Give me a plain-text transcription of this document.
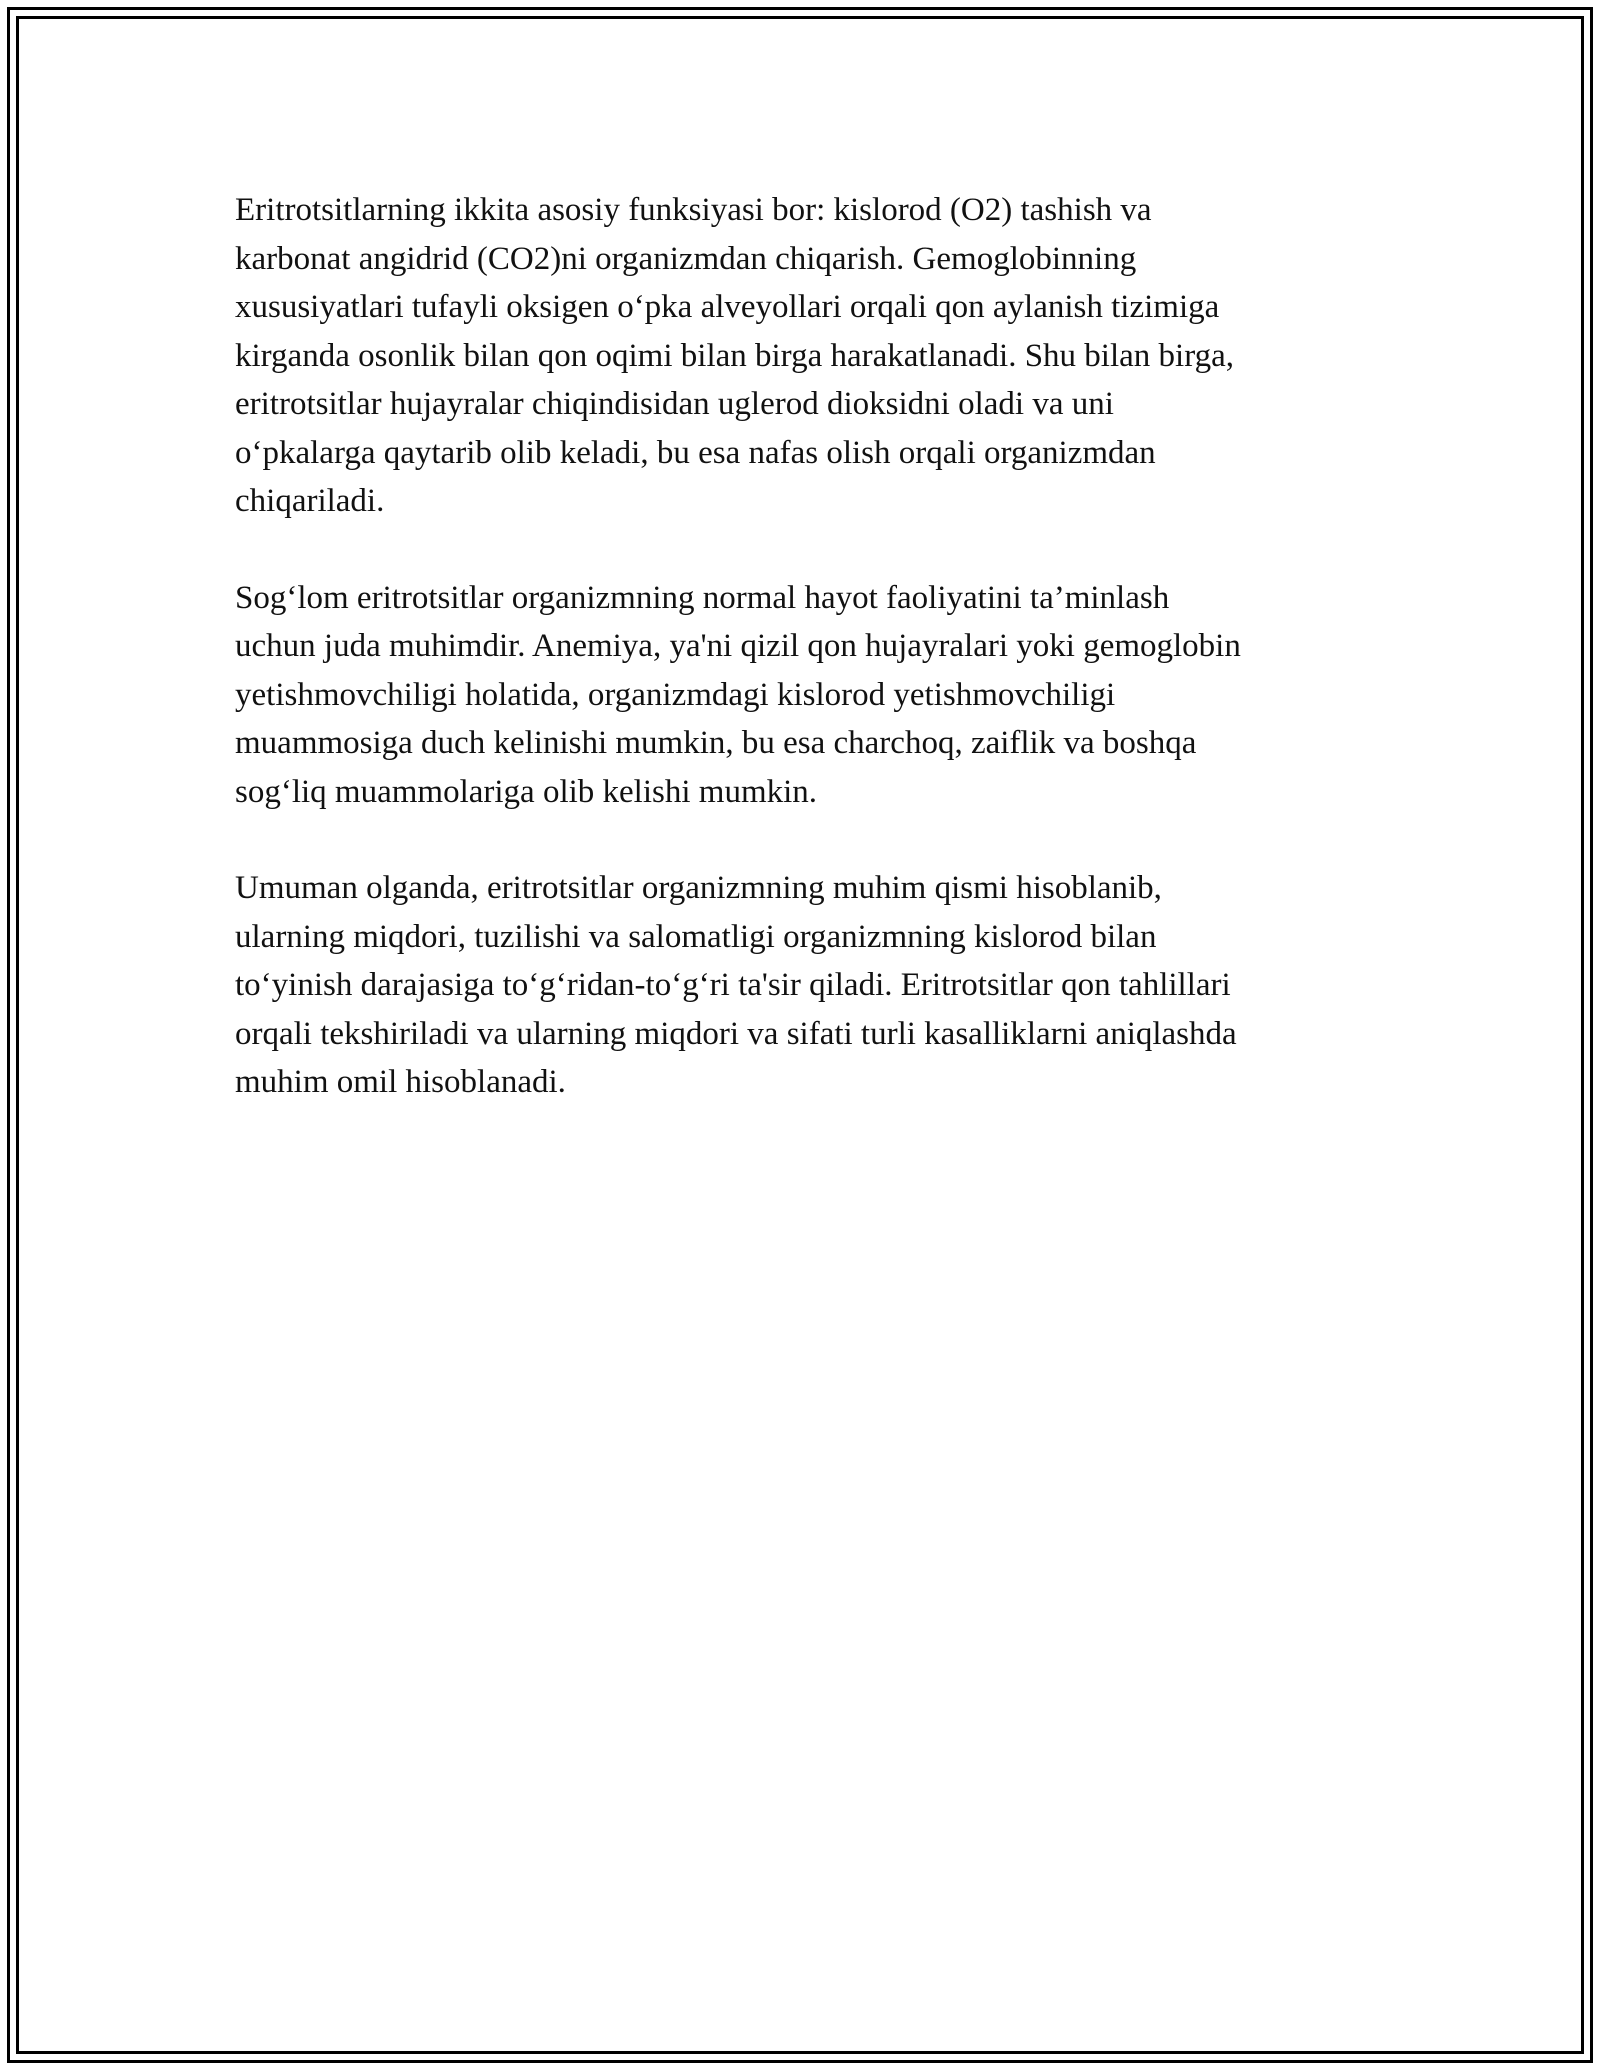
Eritrotsitlarning ikkita asosiy funksiyasi bor: kislorod (O2) tashish va
karbonat angidrid (CO2)ni organizmdan chiqarish. Gemoglobinning
xususiyatlari tufayli oksigen o‘pka alveyollari orqali qon aylanish tizimiga
kirganda osonlik bilan qon oqimi bilan birga harakatlanadi. Shu bilan birga,
eritrotsitlar hujayralar chiqindisidan uglerod dioksidni oladi va uni
o‘pkalarga qaytarib olib keladi, bu esa nafas olish orqali organizmdan
chiqariladi.

Sog‘lom eritrotsitlar organizmning normal hayot faoliyatini ta’minlash
uchun juda muhimdir. Anemiya, ya'ni qizil qon hujayralari yoki gemoglobin
yetishmovchiligi holatida, organizmdagi kislorod yetishmovchiligi
muammosiga duch kelinishi mumkin, bu esa charchoq, zaiflik va boshqa
sog‘liq muammolariga olib kelishi mumkin.

Umuman olganda, eritrotsitlar organizmning muhim qismi hisoblanib,
ularning miqdori, tuzilishi va salomatligi organizmning kislorod bilan
to‘yinish darajasiga to‘g‘ridan-to‘g‘ri ta'sir qiladi. Eritrotsitlar qon tahlillari
orqali tekshiriladi va ularning miqdori va sifati turli kasalliklarni aniqlashda
muhim omil hisoblanadi.
